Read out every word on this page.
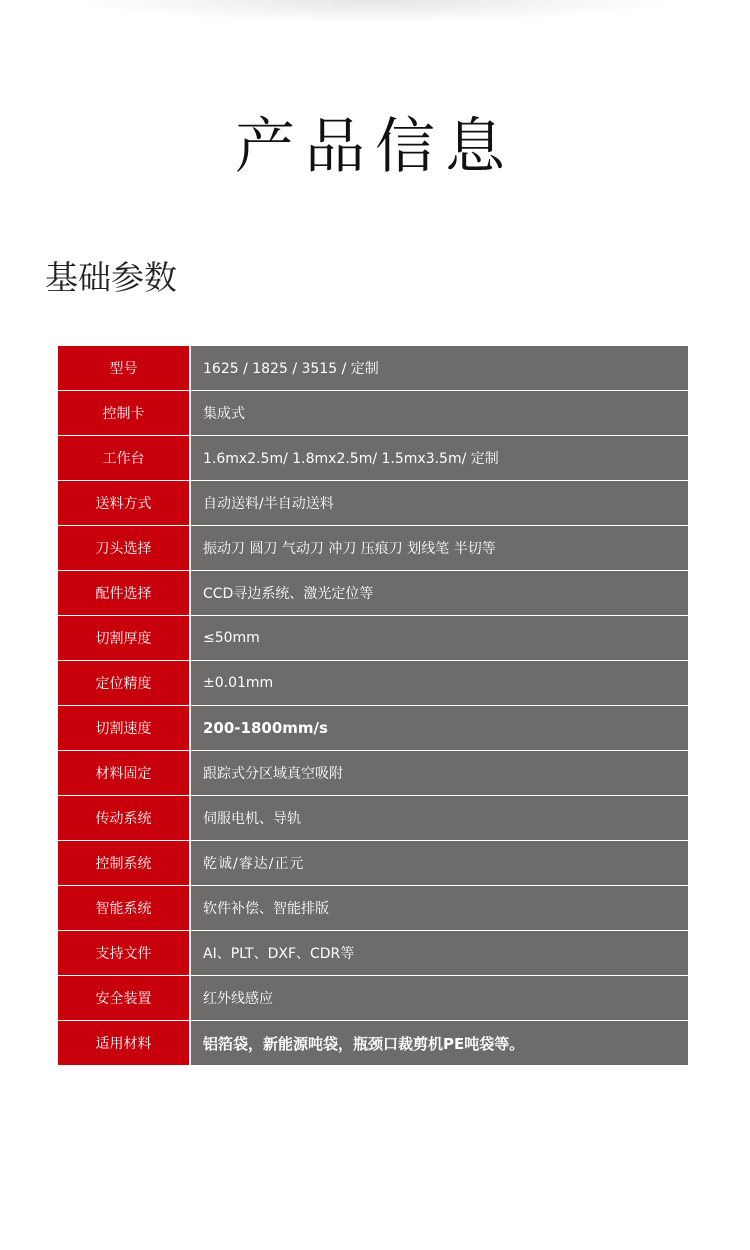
产品信息
基础参数
型号	1625 / 1825 / 3515 / 定制
控制卡	集成式
工作台	1.6mx2.5m/ 1.8mx2.5m/ 1.5mx3.5m/ 定制
送料方式	自动送料/半自动送料
刀头选择	振动刀 圆刀 气动刀 冲刀 压痕刀 划线笔 半切等
配件选择	CCD寻边系统、激光定位等
切割厚度	≤50mm
定位精度	±0.01mm
切割速度	200-1800mm/s
材料固定	跟踪式分区域真空吸附
传动系统	伺服电机、导轨
控制系统	乾诚/睿达/正元
智能系统	软件补偿、智能排版
支持文件	AI、PLT、DXF、CDR等
安全装置	红外线感应
适用材料	铝箔袋，新能源吨袋，瓶颈口裁剪机PE吨袋等。
